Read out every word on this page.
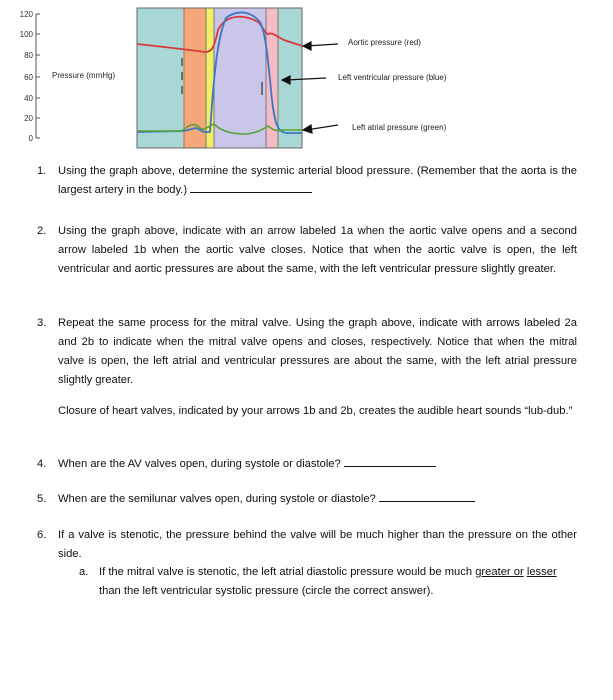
120
100
80
60
40
20
0
Pressure (mmHg)
Aortic pressure (red)
Left ventricular pressure (blue)
Left atrial pressure (green)
1.	Using the graph above, determine the systemic arterial blood pressure. (Remember that the aorta is the largest artery in the body.)
2.	Using the graph above, indicate with an arrow labeled 1a when the aortic valve opens and a second arrow labeled 1b when the aortic valve closes. Notice that when the aortic valve is open, the left ventricular and aortic pressures are about the same, with the left ventricular pressure slightly greater.
3.	Repeat the same process for the mitral valve. Using the graph above, indicate with arrows labeled 2a and 2b to indicate when the mitral valve opens and closes, respectively. Notice that when the mitral valve is open, the left atrial and ventricular pressures are about the same, with the left atrial pressure slightly greater.
Closure of heart valves, indicated by your arrows 1b and 2b, creates the audible heart sounds “lub-dub.”
4.	When are the AV valves open, during systole or diastole?
5.	When are the semilunar valves open, during systole or diastole?
6.	If a valve is stenotic, the pressure behind the valve will be much higher than the pressure on the other side.
a. If the mitral valve is stenotic, the left atrial diastolic pressure would be much greater or lesser than the left ventricular systolic pressure (circle the correct answer).
